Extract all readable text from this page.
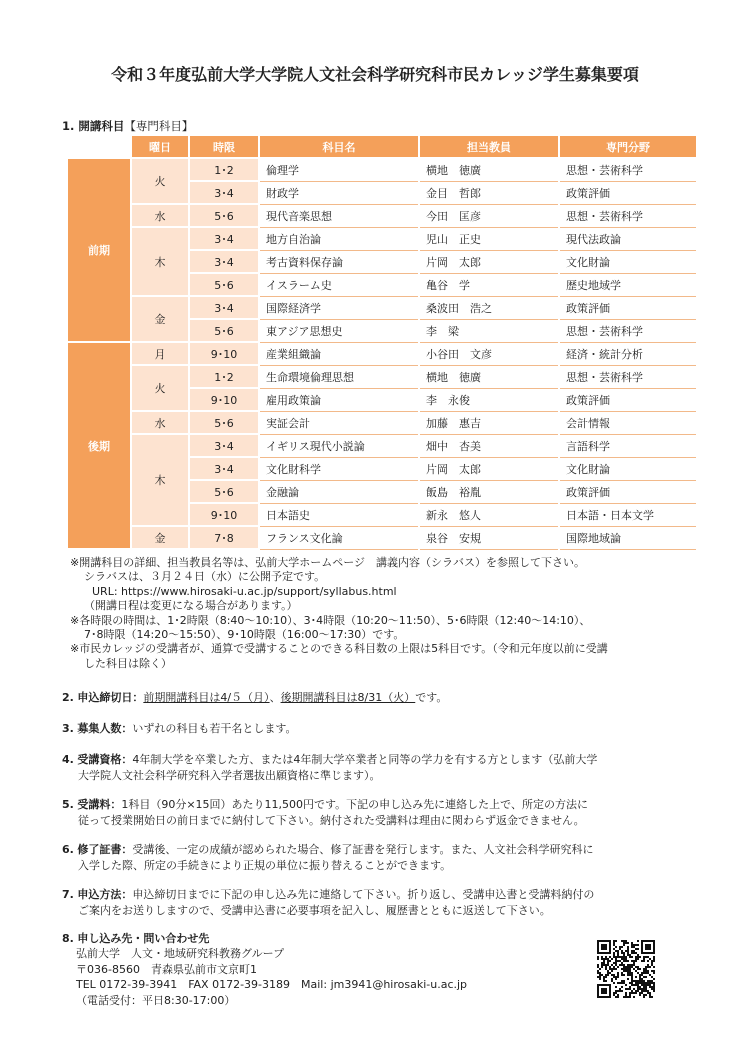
令和３年度弘前大学大学院人文社会科学研究科市民カレッジ学生募集要項
1. 開講科目【専門科目】
	曜日	時限	科目名	担当教員	専門分野
前期	火	1･2	倫理学	横地　徳廣	思想・芸術科学
		3･4	財政学	金目　哲郎	政策評価
	水	5･6	現代音楽思想	今田　匡彦	思想・芸術科学
	木	3･4	地方自治論	児山　正史	現代法政論
		3･4	考古資料保存論	片岡　太郎	文化財論
		5･6	イスラーム史	亀谷　学	歴史地域学
	金	3･4	国際経済学	桑波田　浩之	政策評価
		5･6	東アジア思想史	李　梁	思想・芸術科学
後期	月	9･10	産業組織論	小谷田　文彦	経済・統計分析
	火	1･2	生命環境倫理思想	横地　徳廣	思想・芸術科学
		9･10	雇用政策論	李　永俊	政策評価
	水	5･6	実証会計	加藤　惠吉	会計情報
	木	3･4	イギリス現代小説論	畑中　杏美	言語科学
		3･4	文化財科学	片岡　太郎	文化財論
		5･6	金融論	飯島　裕胤	政策評価
		9･10	日本語史	新永　悠人	日本語・日本文学
	金	7･8	フランス文化論	泉谷　安規	国際地域論
※開講科目の詳細、担当教員名等は、弘前大学ホームページ　講義内容（シラバス）を参照して下さい。
シラバスは、３月２４日（水）に公開予定です。
URL: https://www.hirosaki-u.ac.jp/support/syllabus.html
（開講日程は変更になる場合があります。）
※各時限の時間は、1･2時限（8:40～10:10）、3･4時限（10:20～11:50）、5･6時限（12:40～14:10）、
7･8時限（14:20～15:50）、9･10時限（16:00～17:30）です。
※市民カレッジの受講者が、通算で受講することのできる科目数の上限は5科目です。（令和元年度以前に受講
した科目は除く）
2. 申込締切日：前期開講科目は4/５（月）、後期開講科目は8/31（火）です。
3. 募集人数：いずれの科目も若干名とします。
4. 受講資格：4年制大学を卒業した方、または4年制大学卒業者と同等の学力を有する方とします（弘前大学
大学院人文社会科学研究科入学者選抜出願資格に準じます）。
5. 受講料：1科目（90分×15回）あたり11,500円です。下記の申し込み先に連絡した上で、所定の方法に
従って授業開始日の前日までに納付して下さい。納付された受講料は理由に関わらず返金できません。
6. 修了証書：受講後、一定の成績が認められた場合、修了証書を発行します。また、人文社会科学研究科に
入学した際、所定の手続きにより正規の単位に振り替えることができます。
7. 申込方法：申込締切日までに下記の申し込み先に連絡して下さい。折り返し、受講申込書と受講料納付の
ご案内をお送りしますので、受講申込書に必要事項を記入し、履歴書とともに返送して下さい。
8. 申し込み先・問い合わせ先
弘前大学　人文・地域研究科教務グループ
〒036-8560　青森県弘前市文京町1
TEL 0172-39-3941　FAX 0172-39-3189　Mail: jm3941@hirosaki-u.ac.jp
（電話受付：平日8:30-17:00）
